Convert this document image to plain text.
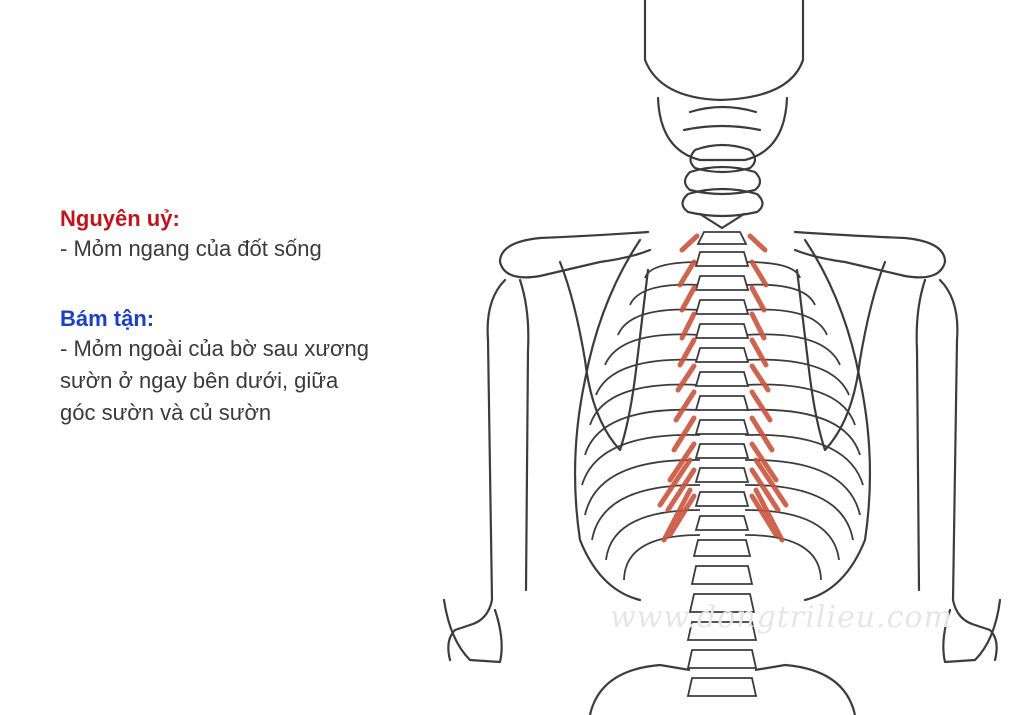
Nguyên uỷ:

- Mỏm ngang của đốt sống

Bám tận:

- Mỏm ngoài của bờ sau xương

sườn ở ngay bên dưới, giữa

góc sườn và củ sườn

www.dongtrilieu.com
